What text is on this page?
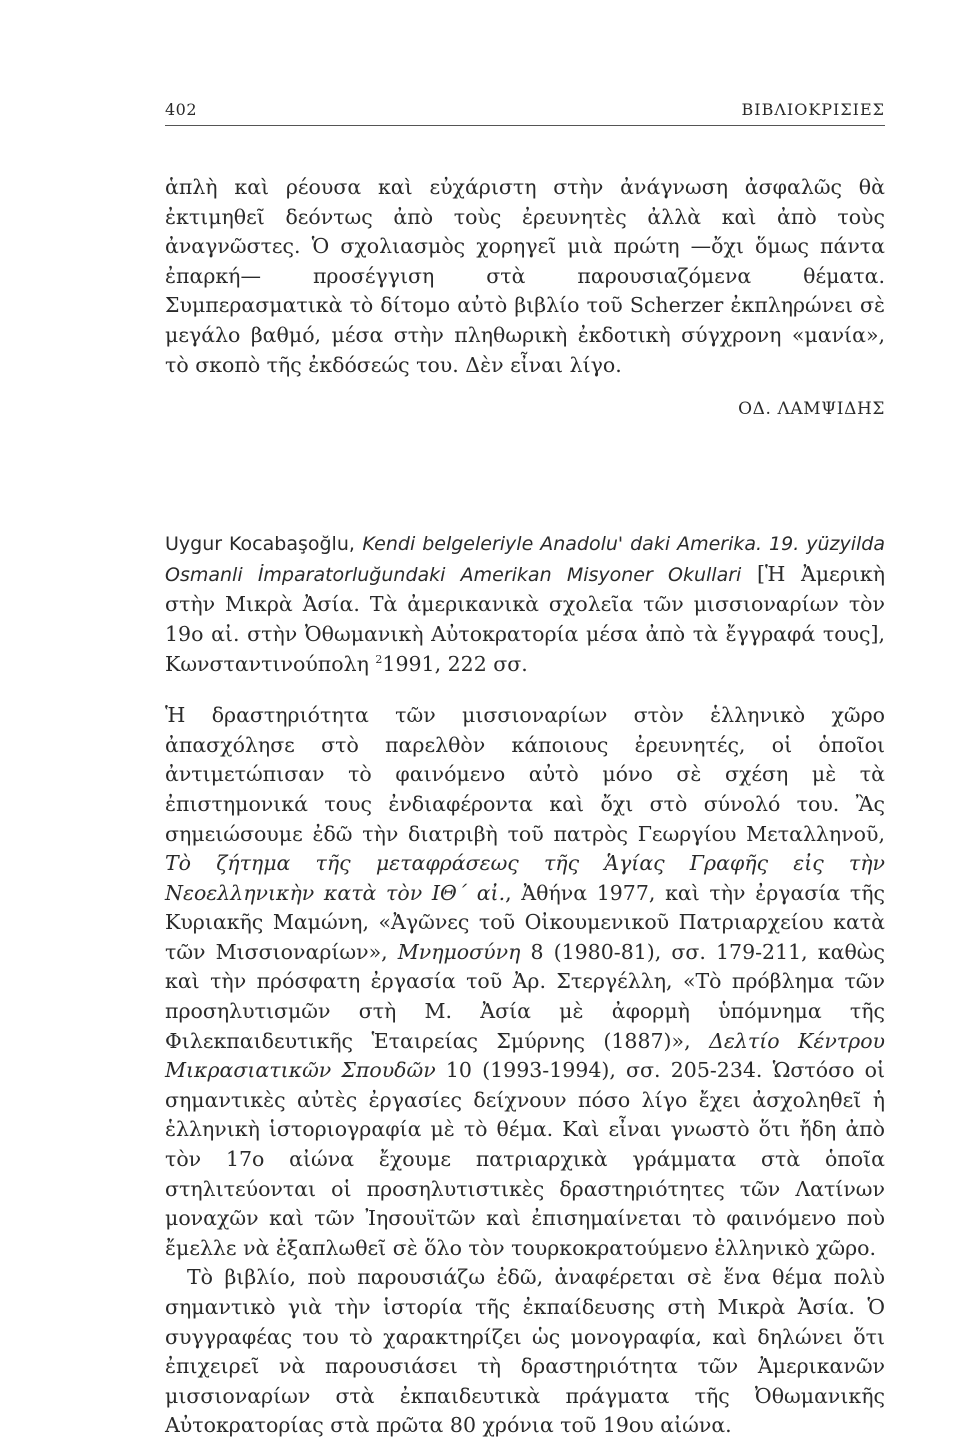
402	ΒΙΒΛΙΟΚΡΙΣΙΕΣ

ἁπλὴ καὶ ρέουσα καὶ εὐχάριστη στὴν ἀνάγνωση ἀσφαλῶς θὰ ἐκτιμηθεῖ δεόντως ἀπὸ τοὺς ἐρευνητὲς ἀλλὰ καὶ ἀπὸ τοὺς ἀναγνῶστες. Ὁ σχολιασμὸς χορηγεῖ μιὰ πρώτη —ὄχι ὅμως πάντα ἐπαρκή— προσέγγιση στὰ παρουσιαζόμενα θέματα. Συμπερασματικὰ τὸ δίτομο αὐτὸ βιβλίο τοῦ Scherzer ἐκπληρώνει σὲ μεγάλο βαθμό, μέσα στὴν πληθωρικὴ ἐκδοτικὴ σύγχρονη «μανία», τὸ σκοπὸ τῆς ἐκδόσεώς του. Δὲν εἶναι λίγο.

ΟΔ. ΛΑΜΨΙΔΗΣ

Uygur Kocabaşoğlu, Kendi belgeleriyle Anadolu' daki Amerika. 19. yüzyilda Osmanli İmparatorluğundaki Amerikan Misyoner Okullari [Ἡ Ἀμερικὴ στὴν Μικρὰ Ἀσία. Τὰ ἀμερικανικὰ σχολεῖα τῶν μισσιοναρίων τὸν 19ο αἰ. στὴν Ὀθωμανικὴ Αὐτοκρατορία μέσα ἀπὸ τὰ ἔγγραφά τους], Κωνσταντινούπολη $^2$1991, 222 σσ.

Ἡ δραστηριότητα τῶν μισσιοναρίων στὸν ἑλληνικὸ χῶρο ἀπασχόλησε στὸ παρελθὸν κάποιους ἐρευνητές, οἱ ὁποῖοι ἀντιμετώπισαν τὸ φαινόμενο αὐτὸ μόνο σὲ σχέση μὲ τὰ ἐπιστημονικά τους ἐνδιαφέροντα καὶ ὄχι στὸ σύνολό του. Ἂς σημειώσουμε ἐδῶ τὴν διατριβὴ τοῦ πατρὸς Γεωργίου Μεταλληνοῦ, Τὸ ζήτημα τῆς μεταφράσεως τῆς Ἁγίας Γραφῆς εἰς τὴν Νεοελληνικὴν κατὰ τὸν ΙΘ΄ αἰ., Ἀθήνα 1977, καὶ τὴν ἐργασία τῆς Κυριακῆς Μαμώνη, «Ἀγῶνες τοῦ Οἰκουμενικοῦ Πατριαρχείου κατὰ τῶν Μισσιοναρίων», Μνημοσύνη 8 (1980-81), σσ. 179-211, καθὼς καὶ τὴν πρόσφατη ἐργασία τοῦ Ἀρ. Στεργέλλη, «Τὸ πρόβλημα τῶν προσηλυτισμῶν στὴ Μ. Ἀσία μὲ ἀφορμὴ ὑπόμνημα τῆς Φιλεκπαιδευτικῆς Ἑταιρείας Σμύρνης (1887)», Δελτίο Κέντρου Μικρασιατικῶν Σπουδῶν 10 (1993-1994), σσ. 205-234. Ὡστόσο οἱ σημαντικὲς αὐτὲς ἐργασίες δείχνουν πόσο λίγο ἔχει ἀσχοληθεῖ ἡ ἑλληνικὴ ἱστοριογραφία μὲ τὸ θέμα. Καὶ εἶναι γνωστὸ ὅτι ἤδη ἀπὸ τὸν 17ο αἰώνα ἔχουμε πατριαρχικὰ γράμματα στὰ ὁποῖα στηλιτεύονται οἱ προσηλυτιστικὲς δραστηριότητες τῶν Λατίνων μοναχῶν καὶ τῶν Ἰησουϊτῶν καὶ ἐπισημαίνεται τὸ φαινόμενο ποὺ ἔμελλε νὰ ἐξαπλωθεῖ σὲ ὅλο τὸν τουρκοκρατούμενο ἑλληνικὸ χῶρο.

Τὸ βιβλίο, ποὺ παρουσιάζω ἐδῶ, ἀναφέρεται σὲ ἕνα θέμα πολὺ σημαντικὸ γιὰ τὴν ἱστορία τῆς ἐκπαίδευσης στὴ Μικρὰ Ἀσία. Ὁ συγγραφέας του τὸ χαρακτηρίζει ὡς μονογραφία, καὶ δηλώνει ὅτι ἐπιχειρεῖ νὰ παρουσιάσει τὴ δραστηριότητα τῶν Ἀμερικανῶν μισσιοναρίων στὰ ἐκπαιδευτικὰ πράγματα τῆς Ὀθωμανικῆς Αὐτοκρατορίας στὰ πρῶτα 80 χρόνια τοῦ 19ου αἰώνα.
